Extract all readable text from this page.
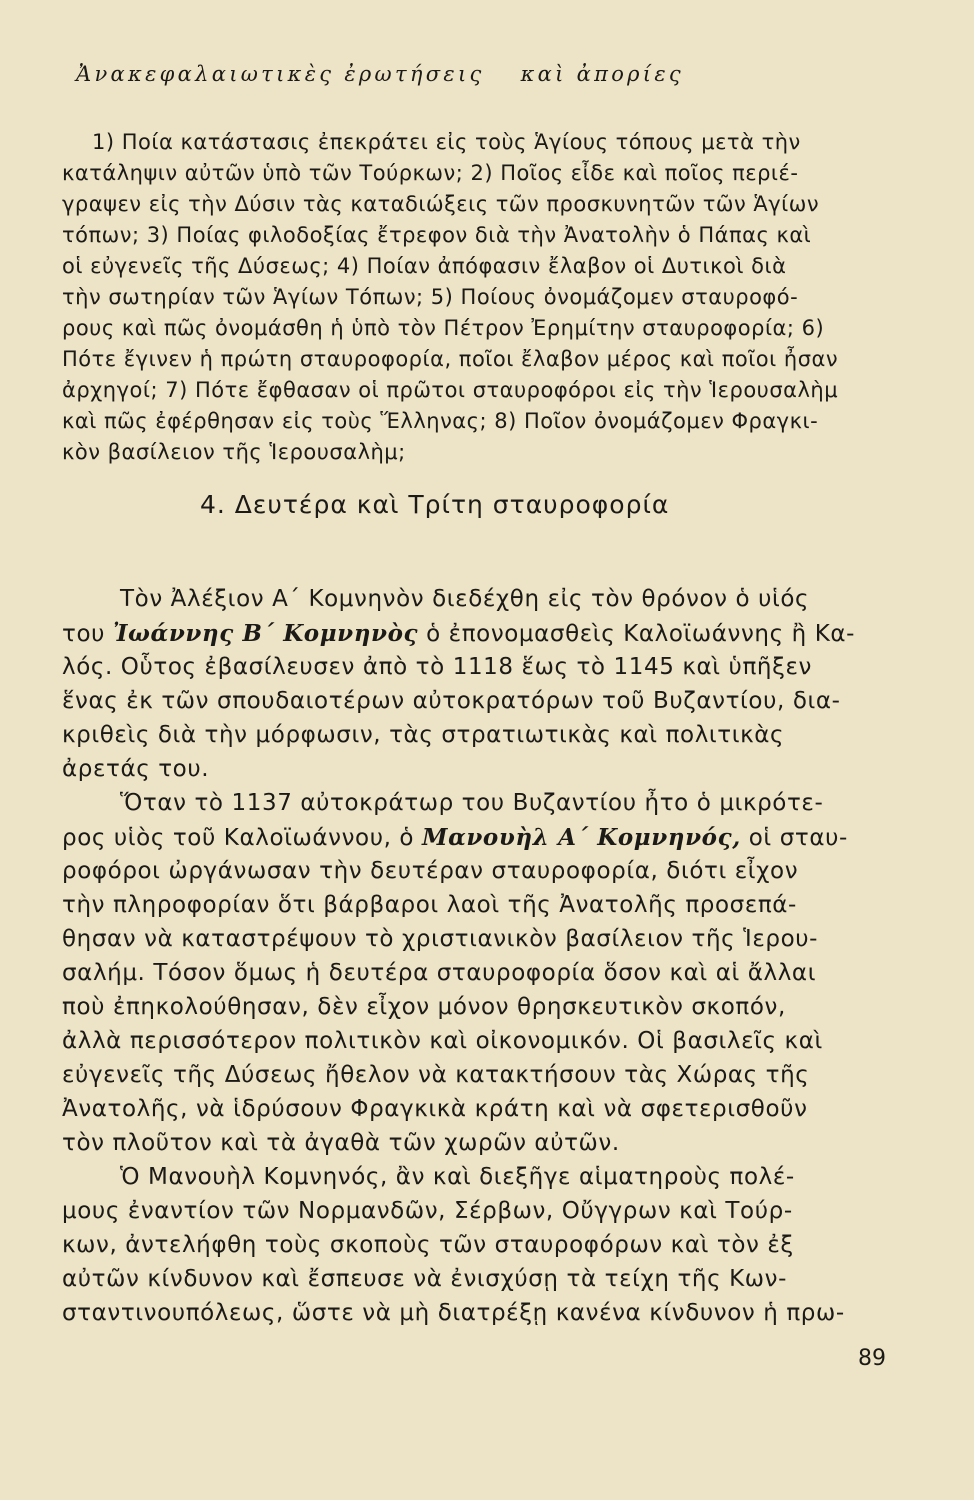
Ἀνακεφαλαιωτικὲς ἐρωτήσεις καὶ ἀπορίες
1) Ποία κατάστασις ἐπεκράτει εἰς τοὺς Ἁγίους τόπους μετὰ τὴν
κατάληψιν αὐτῶν ὑπὸ τῶν Τούρκων; 2) Ποῖος εἶδε καὶ ποῖος περιέ-
γραψεν εἰς τὴν Δύσιν τὰς καταδιώξεις τῶν προσκυνητῶν τῶν Ἁγίων
τόπων; 3) Ποίας φιλοδοξίας ἔτρεφον διὰ τὴν Ἀνατολὴν ὁ Πάπας καὶ
οἱ εὐγενεῖς τῆς Δύσεως; 4) Ποίαν ἀπόφασιν ἔλαβον οἱ Δυτικοὶ διὰ
τὴν σωτηρίαν τῶν Ἁγίων Τόπων; 5) Ποίους ὀνομάζομεν σταυροφό-
ρους καὶ πῶς ὀνομάσθη ἡ ὑπὸ τὸν Πέτρον Ἐρημίτην σταυροφορία; 6)
Πότε ἔγινεν ἡ πρώτη σταυροφορία, ποῖοι ἔλαβον μέρος καὶ ποῖοι ἦσαν
ἀρχηγοί; 7) Πότε ἔφθασαν οἱ πρῶτοι σταυροφόροι εἰς τὴν Ἱερουσαλὴμ
καὶ πῶς ἐφέρθησαν εἰς τοὺς Ἕλληνας; 8) Ποῖον ὀνομάζομεν Φραγκι-
κὸν βασίλειον τῆς Ἱερουσαλὴμ;
4. Δευτέρα καὶ Τρίτη σταυροφορία
Τὸν Ἀλέξιον Α΄ Κομνηνὸν διεδέχθη εἰς τὸν θρόνον ὁ υἱός
του Ἰωάννης Β΄ Κομνηνὸς ὁ ἐπονομασθεὶς Καλοϊωάννης ἢ Κα-
λός. Οὗτος ἐβασίλευσεν ἀπὸ τὸ 1118 ἕως τὸ 1145 καὶ ὑπῆξεν
ἕνας ἐκ τῶν σπουδαιοτέρων αὐτοκρατόρων τοῦ Βυζαντίου, δια-
κριθεὶς διὰ τὴν μόρφωσιν, τὰς στρατιωτικὰς καὶ πολιτικὰς
ἀρετάς του.
Ὅταν τὸ 1137 αὐτοκράτωρ του Βυζαντίου ἦτο ὁ μικρότε-
ρος υἱὸς τοῦ Καλοϊωάννου, ὁ Μανουὴλ Α΄ Κομνηνός, οἱ σταυ-
ροφόροι ὠργάνωσαν τὴν δευτέραν σταυροφορία, διότι εἶχον
τὴν πληροφορίαν ὅτι βάρβαροι λαοὶ τῆς Ἀνατολῆς προσεπά-
θησαν νὰ καταστρέψουν τὸ χριστιανικὸν βασίλειον τῆς Ἱερου-
σαλήμ. Τόσον ὅμως ἡ δευτέρα σταυροφορία ὅσον καὶ αἱ ἄλλαι
ποὺ ἐπηκολούθησαν, δὲν εἶχον μόνον θρησκευτικὸν σκοπόν,
ἀλλὰ περισσότερον πολιτικὸν καὶ οἰκονομικόν. Οἱ βασιλεῖς καὶ
εὐγενεῖς τῆς Δύσεως ἤθελον νὰ κατακτήσουν τὰς Χώρας τῆς
Ἀνατολῆς, νὰ ἱδρύσουν Φραγκικὰ κράτη καὶ νὰ σφετερισθοῦν
τὸν πλοῦτον καὶ τὰ ἀγαθὰ τῶν χωρῶν αὐτῶν.
Ὁ Μανουὴλ Κομνηνός, ἂν καὶ διεξῆγε αἱματηροὺς πολέ-
μους ἐναντίον τῶν Νορμανδῶν, Σέρβων, Οὔγγρων καὶ Τούρ-
κων, ἀντελήφθη τοὺς σκοποὺς τῶν σταυροφόρων καὶ τὸν ἐξ
αὐτῶν κίνδυνον καὶ ἔσπευσε νὰ ἐνισχύσῃ τὰ τείχη τῆς Κων-
σταντινουπόλεως, ὥστε νὰ μὴ διατρέξῃ κανένα κίνδυνον ἡ πρω-
89
